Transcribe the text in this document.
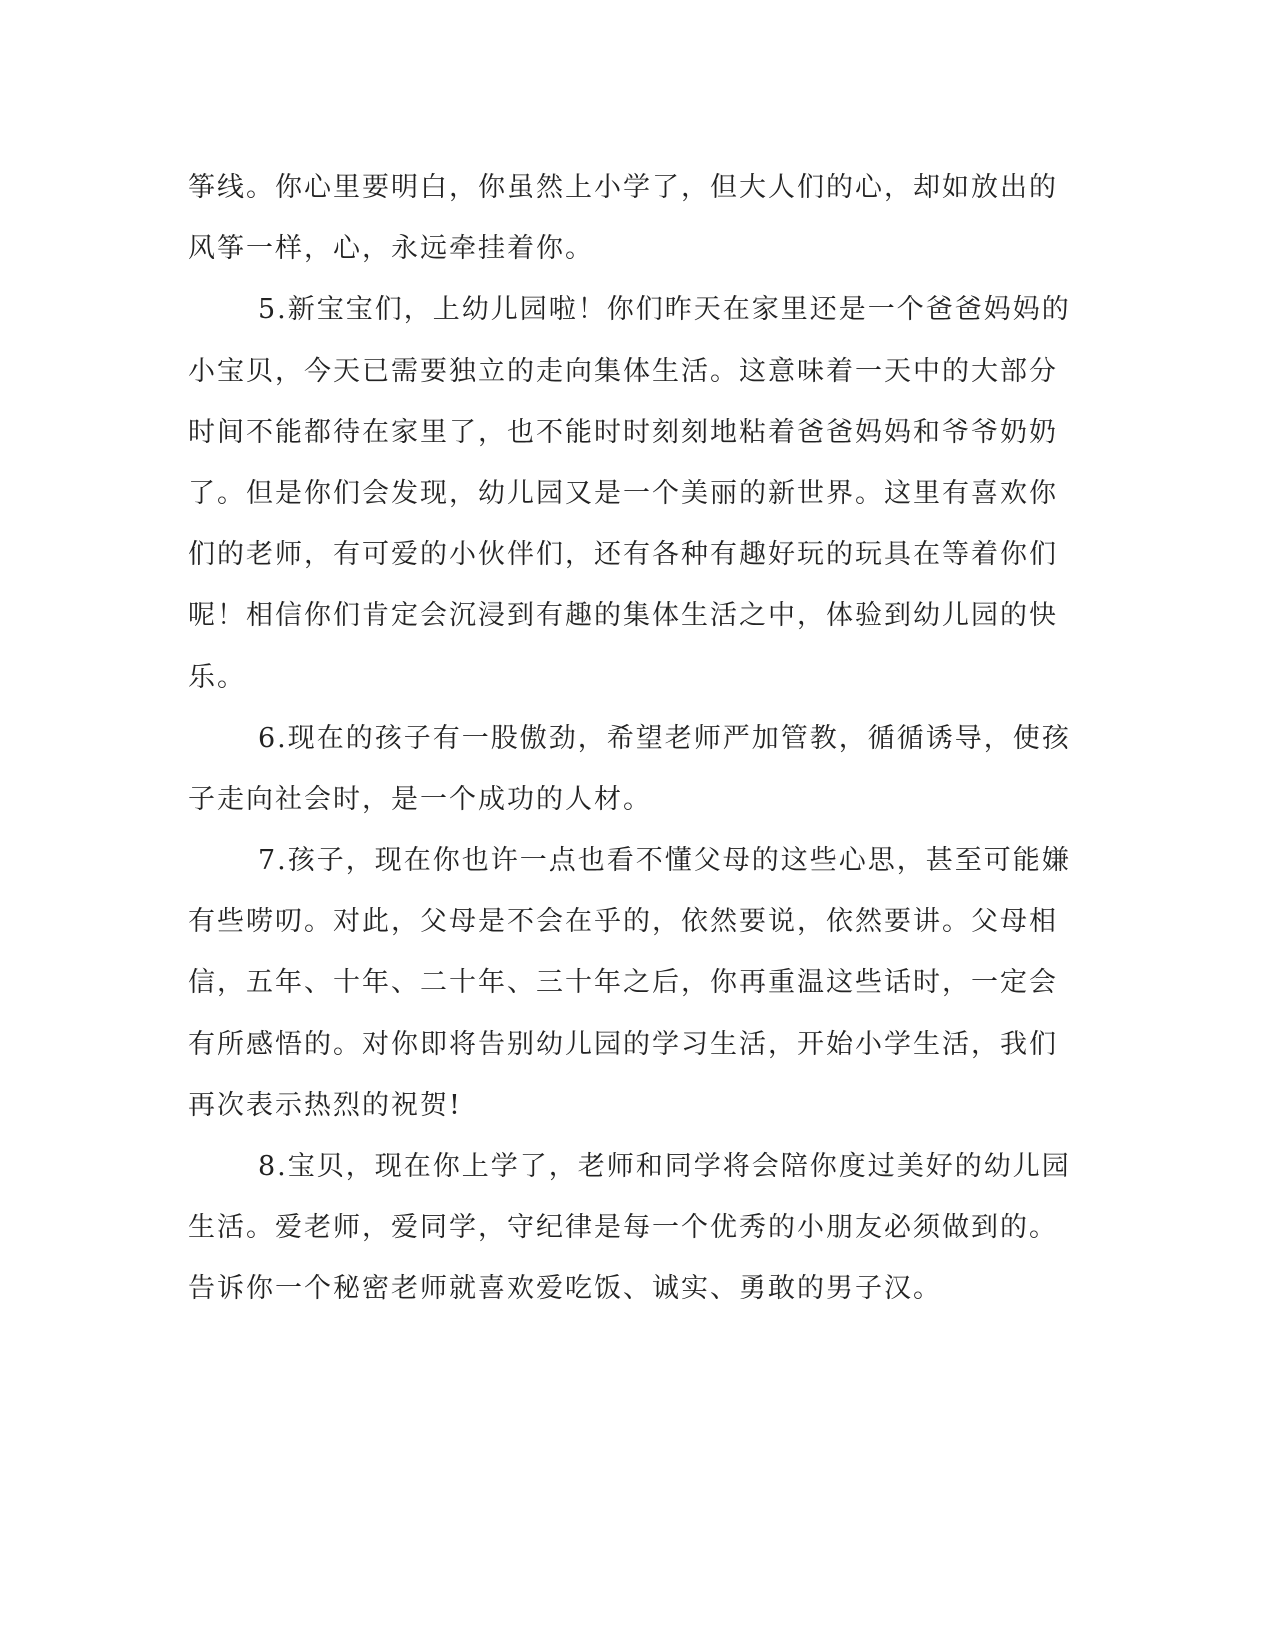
筝线。你心里要明白，你虽然上小学了，但大人们的心，却如放出的
风筝一样，心，永远牵挂着你。
5.新宝宝们，上幼儿园啦！你们昨天在家里还是一个爸爸妈妈的
小宝贝，今天已需要独立的走向集体生活。这意味着一天中的大部分
时间不能都待在家里了，也不能时时刻刻地粘着爸爸妈妈和爷爷奶奶
了。但是你们会发现，幼儿园又是一个美丽的新世界。这里有喜欢你
们的老师，有可爱的小伙伴们，还有各种有趣好玩的玩具在等着你们
呢！相信你们肯定会沉浸到有趣的集体生活之中，体验到幼儿园的快
乐。
6.现在的孩子有一股傲劲，希望老师严加管教，循循诱导，使孩
子走向社会时，是一个成功的人材。
7.孩子，现在你也许一点也看不懂父母的这些心思，甚至可能嫌
有些唠叨。对此，父母是不会在乎的，依然要说，依然要讲。父母相
信，五年、十年、二十年、三十年之后，你再重温这些话时，一定会
有所感悟的。对你即将告别幼儿园的学习生活，开始小学生活，我们
再次表示热烈的祝贺!
8.宝贝，现在你上学了，老师和同学将会陪你度过美好的幼儿园
生活。爱老师，爱同学，守纪律是每一个优秀的小朋友必须做到的。
告诉你一个秘密老师就喜欢爱吃饭、诚实、勇敢的男子汉。
